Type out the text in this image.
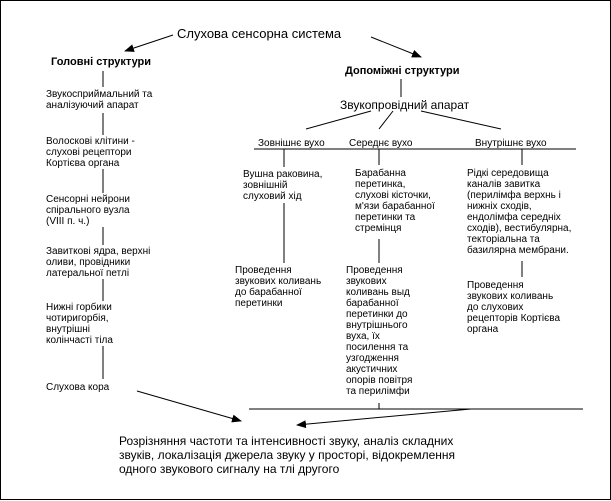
Слухова сенсорна система
Головні структури
Звукосприймальний та
аналізуючий апарат
Волоскові клітини -
слухові рецептори
Кортієва органа
Сенсорні нейрони
спірального вузла
(VIII п. ч.)
Завиткові ядра, верхні
оливи, провідники
латеральної петлі
Нижні горбики
чотиригорбія,
внутрішні
колінчасті тіла
Слухова кора
Допоміжні структури
Звукопровідний апарат
Зовнішнє вухо Середнє вухо	Внутрішнє вухо
Вушна раковина,
зовнішній
слуховий хід
Барабанна
перетинка,
слухові кісточки,
м'язи барабанної
перетинки та
стремінця
Рідкі середовища
каналів завитка
(перилімфа верхнь і
нижніх сходів,
ендолімфа середніх
сходів), вестибулярна,
текторіальна та
базилярна мембрани.
Проведення
звукових коливань
до барабанної
перетинки
Проведення
звукових
коливань выд
барабанної
перетинки до
внутрішнього
вуха, їх
посилення та
узгодження
акустичних
опорів повітря
та перилімфи
Проведення
звукових коливань
до слухових
рецепторів Кортієва
органа
Розрізняння частоти та інтенсивності звуку, аналіз складних
звуків, локалізація джерела звуку у просторі, відокремлення
одного звукового сигналу на тлі другого
